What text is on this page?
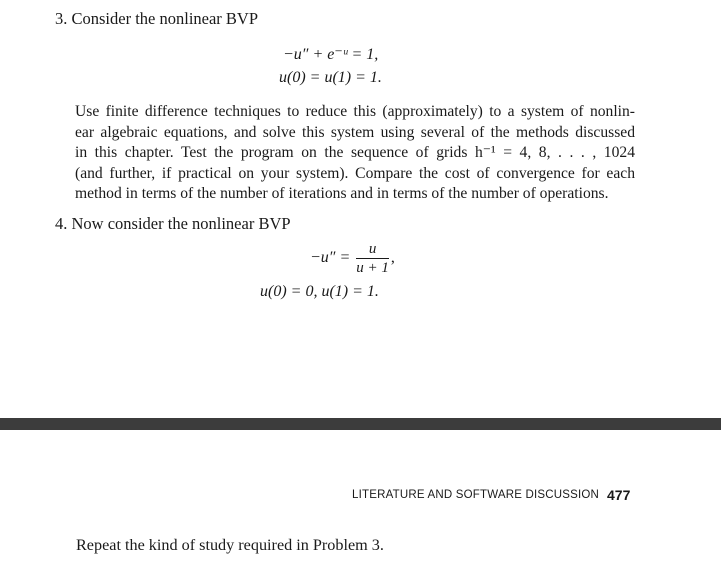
3. Consider the nonlinear BVP
−u″ + e⁻ᵘ = 1,
u(0) = u(1) = 1.
Use finite difference techniques to reduce this (approximately) to a system of nonlin-
ear algebraic equations, and solve this system using several of the methods discussed
in this chapter. Test the program on the sequence of grids h⁻¹ = 4, 8, . . . , 1024
(and further, if practical on your system). Compare the cost of convergence for each
method in terms of the number of iterations and in terms of the number of operations.
4. Now consider the nonlinear BVP
$-u'' = \frac{u}{u + 1}$ ,
u(0) = 0, u(1) = 1.
LITERATURE AND SOFTWARE DISCUSSION 477
Repeat the kind of study required in Problem 3.
